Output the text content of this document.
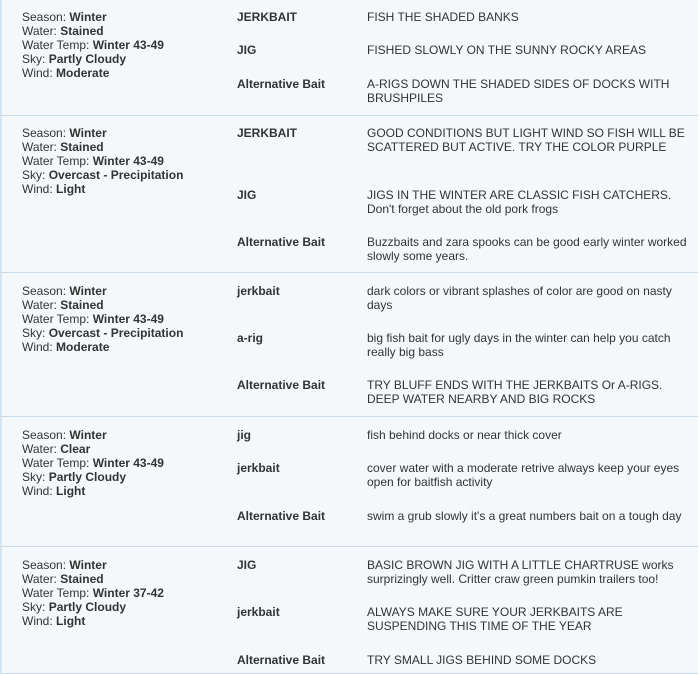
Season: Winter
Water: Stained
Water Temp: Winter 43-49
Sky: Partly Cloudy
Wind: Moderate
JERKBAIT	FISH THE SHADED BANKS
JIG	FISHED SLOWLY ON THE SUNNY ROCKY AREAS
Alternative Bait	A-RIGS DOWN THE SHADED SIDES OF DOCKS WITH BRUSHPILES
Season: Winter
Water: Stained
Water Temp: Winter 43-49
Sky: Overcast - Precipitation
Wind: Light
JERKBAIT	GOOD CONDITIONS BUT LIGHT WIND SO FISH WILL BE SCATTERED BUT ACTIVE. TRY THE COLOR PURPLE
JIG	JIGS IN THE WINTER ARE CLASSIC FISH CATCHERS. Don't forget about the old pork frogs
Alternative Bait	Buzzbaits and zara spooks can be good early winter worked slowly some years.
Season: Winter
Water: Stained
Water Temp: Winter 43-49
Sky: Overcast - Precipitation
Wind: Moderate
jerkbait	dark colors or vibrant splashes of color are good on nasty days
a-rig	big fish bait for ugly days in the winter can help you catch really big bass
Alternative Bait	TRY BLUFF ENDS WITH THE JERKBAITS Or A-RIGS. DEEP WATER NEARBY AND BIG ROCKS
Season: Winter
Water: Clear
Water Temp: Winter 43-49
Sky: Partly Cloudy
Wind: Light
jig	fish behind docks or near thick cover
jerkbait	cover water with a moderate retrive always keep your eyes open for baitfish activity
Alternative Bait	swim a grub slowly it's a great numbers bait on a tough day
Season: Winter
Water: Stained
Water Temp: Winter 37-42
Sky: Partly Cloudy
Wind: Light
JIG	BASIC BROWN JIG WITH A LITTLE CHARTRUSE works surprizingly well. Critter craw green pumkin trailers too!
jerkbait	ALWAYS MAKE SURE YOUR JERKBAITS ARE SUSPENDING THIS TIME OF THE YEAR
Alternative Bait	TRY SMALL JIGS BEHIND SOME DOCKS
